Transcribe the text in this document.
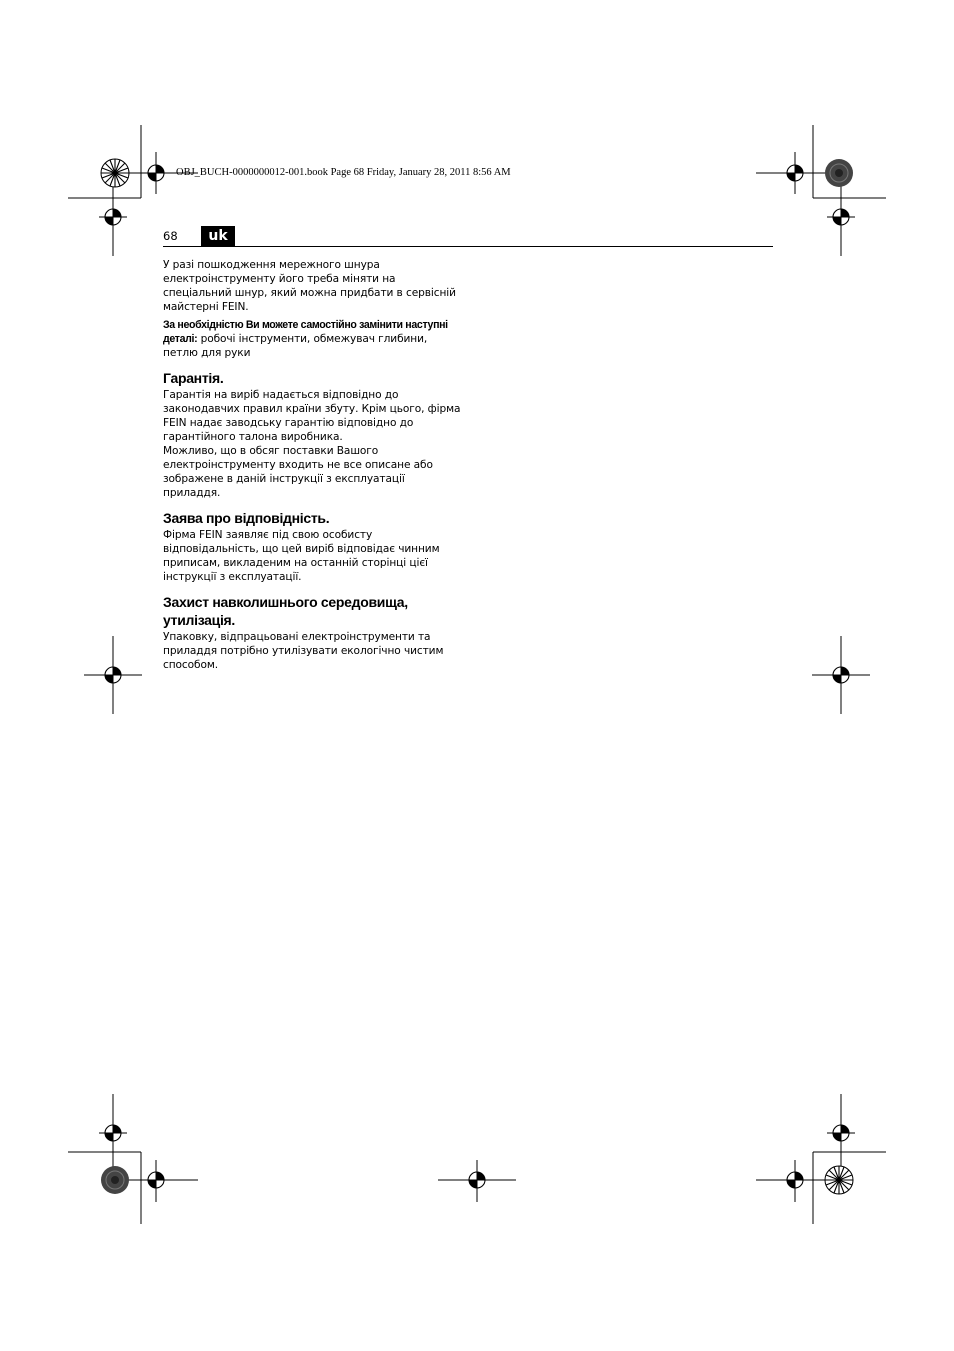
OBJ_BUCH-0000000012-001.book Page 68 Friday, January 28, 2011 8:56 AM
68	uk

У разі пошкодження мережного шнура електроінструменту його треба міняти на спеціальний шнур, який можна придбати в сервісній майстерні FEIN.

За необхідністю Ви можете самостійно замінити наступні деталі: робочі інструменти, обмежувач глибини, петлю для руки

Гарантія.

Гарантія на виріб надається відповідно до законодавчих правил країни збуту. Крім цього, фірма FEIN надає заводську гарантію відповідно до гарантійного талона виробника.

Можливо, що в обсяг поставки Вашого електроінструменту входить не все описане або зображене в даній інструкції з експлуатації приладдя.

Заява про відповідність.

Фірма FEIN заявляє під свою особисту відповідальність, що цей виріб відповідає чинним приписам, викладеним на останній сторінці цієї інструкції з експлуатації.

Захист навколишнього середовища, утилізація.

Упаковку, відпрацьовані електроінструменти та приладдя потрібно утилізувати екологічно чистим способом.
